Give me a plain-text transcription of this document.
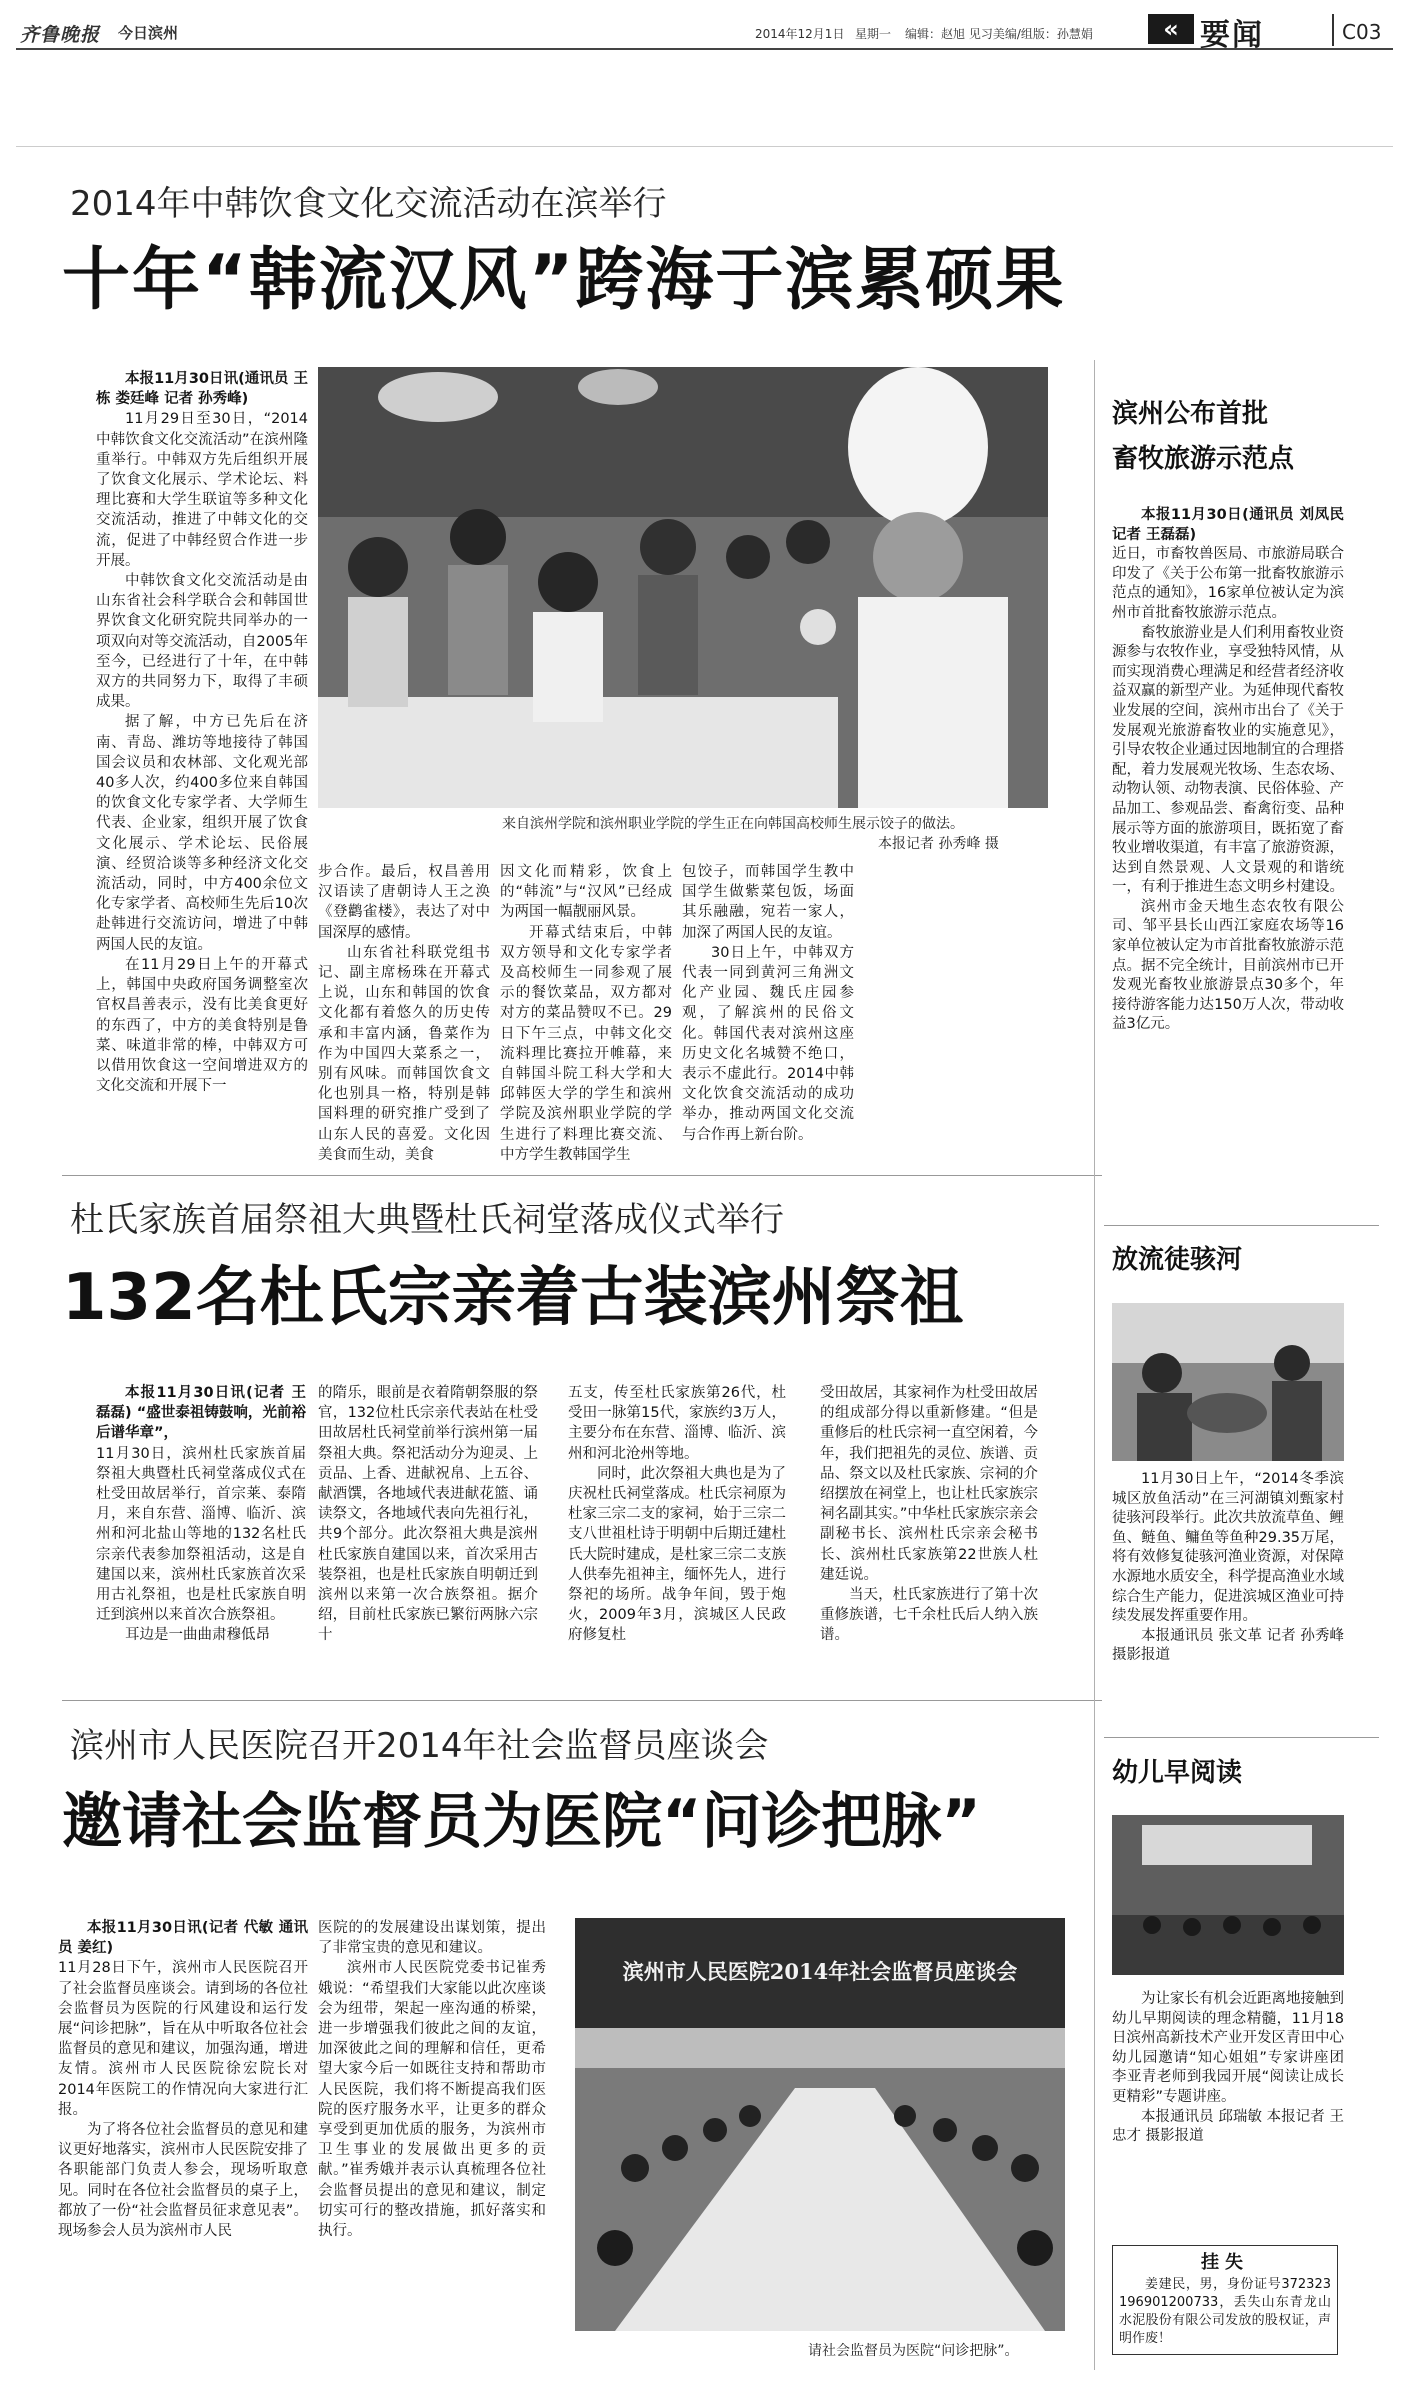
齐鲁晚报 今日滨州	2014年12月1日 星期一 编辑：赵旭 见习美编/组版：孙慧娟	« 要闻	C03
2014年中韩饮食文化交流活动在滨举行
十年“韩流汉风”跨海于滨累硕果
来自滨州学院和滨州职业学院的学生正在向韩国高校师生展示饺子的做法。
本报记者 孙秀峰 摄

本报11月30日讯(通讯员 王栋 娄廷峰 记者 孙秀峰)

11月29日至30日，“2014中韩饮食文化交流活动”在滨州隆重举行。中韩双方先后组织开展了饮食文化展示、学术论坛、料理比赛和大学生联谊等多种文化交流活动，推进了中韩文化的交流，促进了中韩经贸合作进一步开展。

中韩饮食文化交流活动是由山东省社会科学联合会和韩国世界饮食文化研究院共同举办的一项双向对等交流活动，自2005年至今，已经进行了十年，在中韩双方的共同努力下，取得了丰硕成果。

据了解，中方已先后在济南、青岛、潍坊等地接待了韩国国会议员和农林部、文化观光部40多人次，约400多位来自韩国的饮食文化专家学者、大学师生代表、企业家，组织开展了饮食文化展示、学术论坛、民俗展演、经贸洽谈等多种经济文化交流活动，同时，中方400余位文化专家学者、高校师生先后10次赴韩进行交流访问，增进了中韩两国人民的友谊。

在11月29日上午的开幕式上，韩国中央政府国务调整室次官权昌善表示，没有比美食更好的东西了，中方的美食特别是鲁菜、味道非常的棒，中韩双方可以借用饮食这一空间增进双方的文化交流和开展下一

步合作。最后，权昌善用汉语读了唐朝诗人王之涣《登鹳雀楼》，表达了对中国深厚的感情。

山东省社科联党组书记、副主席杨珠在开幕式上说，山东和韩国的饮食文化都有着悠久的历史传承和丰富内涵，鲁菜作为作为中国四大菜系之一，别有风味。而韩国饮食文化也别具一格，特别是韩国料理的研究推广受到了山东人民的喜爱。文化因美食而生动，美食

因文化而精彩，饮食上的“韩流”与“汉风”已经成为两国一幅靓丽风景。

开幕式结束后，中韩双方领导和文化专家学者及高校师生一同参观了展示的餐饮菜品，双方都对对方的菜品赞叹不已。29日下午三点，中韩文化交流料理比赛拉开帷幕，来自韩国斗院工科大学和大邱韩医大学的学生和滨州学院及滨州职业学院的学生进行了料理比赛交流、中方学生教韩国学生

包饺子，而韩国学生教中国学生做紫菜包饭，场面其乐融融，宛若一家人，加深了两国人民的友谊。

30日上午，中韩双方代表一同到黄河三角洲文化产业园、魏氏庄园参观，了解滨州的民俗文化。韩国代表对滨州这座历史文化名城赞不绝口，表示不虚此行。2014中韩文化饮食交流活动的成功举办，推动两国文化交流与合作再上新台阶。

杜氏家族首届祭祖大典暨杜氏祠堂落成仪式举行
132名杜氏宗亲着古装滨州祭祖

本报11月30日讯(记者 王磊磊) “盛世泰祖铸鼓响，光前裕后谱华章”，

11月30日，滨州杜氏家族首届祭祖大典暨杜氏祠堂落成仪式在杜受田故居举行，首宗莱、泰隋月，来自东营、淄博、临沂、滨州和河北盐山等地的132名杜氏宗亲代表参加祭祖活动，这是自建国以来，滨州杜氏家族首次采用古礼祭祖，也是杜氏家族自明迁到滨州以来首次合族祭祖。

耳边是一曲曲肃穆低昂

的隋乐，眼前是衣着隋朝祭服的祭官，132位杜氏宗亲代表站在杜受田故居杜氏祠堂前举行滨州第一届祭祖大典。祭祀活动分为迎灵、上贡品、上香、进献祝帛、上五谷、献酒馔，各地域代表进献花篮、诵读祭文，各地域代表向先祖行礼，共9个部分。此次祭祖大典是滨州杜氏家族自建国以来，首次采用古装祭祖，也是杜氏家族自明朝迁到滨州以来第一次合族祭祖。据介绍，目前杜氏家族已繁衍两脉六宗十

五支，传至杜氏家族第26代，杜受田一脉第15代，家族约3万人，主要分布在东营、淄博、临沂、滨州和河北沧州等地。

同时，此次祭祖大典也是为了庆祝杜氏祠堂落成。杜氏宗祠原为杜家三宗二支的家祠，始于三宗二支八世祖杜诗于明朝中后期迁建杜氏大院时建成，是杜家三宗二支族人供奉先祖神主，缅怀先人，进行祭祀的场所。战争年间，毁于炮火，2009年3月，滨城区人民政府修复杜

受田故居，其家祠作为杜受田故居的组成部分得以重新修建。“但是重修后的杜氏宗祠一直空闲着，今年，我们把祖先的灵位、族谱、贡品、祭文以及杜氏家族、宗祠的介绍摆放在祠堂上，也让杜氏家族宗祠名副其实。”中华杜氏家族宗亲会副秘书长、滨州杜氏宗亲会秘书长、滨州杜氏家族第22世族人杜建廷说。

当天，杜氏家族进行了第十次重修族谱，七千余杜氏后人纳入族谱。

滨州市人民医院召开2014年社会监督员座谈会
邀请社会监督员为医院“问诊把脉”

本报11月30日讯(记者 代敏 通讯员 姜红)

11月28日下午，滨州市人民医院召开了社会监督员座谈会。请到场的各位社会监督员为医院的行风建设和运行发展“问诊把脉”，旨在从中听取各位社会监督员的意见和建议，加强沟通，增进友情。滨州市人民医院徐宏院长对2014年医院工的作情况向大家进行汇报。

为了将各位社会监督员的意见和建议更好地落实，滨州市人民医院安排了各职能部门负责人参会，现场听取意见。同时在各位社会监督员的桌子上，都放了一份“社会监督员征求意见表”。现场参会人员为滨州市人民

医院的的发展建设出谋划策，提出了非常宝贵的意见和建议。

滨州市人民医院党委书记崔秀娥说：“希望我们大家能以此次座谈会为纽带，架起一座沟通的桥梁，进一步增强我们彼此之间的友谊，加深彼此之间的理解和信任，更希望大家今后一如既往支持和帮助市人民医院，我们将不断提高我们医院的医疗服务水平，让更多的群众享受到更加优质的服务，为滨州市卫生事业的发展做出更多的贡献。”崔秀娥并表示认真梳理各位社会监督员提出的意见和建议，制定切实可行的整改措施，抓好落实和执行。

滨州市人民医院2014年社会监督员座谈会
请社会监督员为医院“问诊把脉”。
滨州公布首批
畜牧旅游示范点

本报11月30日(通讯员 刘凤民 记者 王磊磊)

近日，市畜牧兽医局、市旅游局联合印发了《关于公布第一批畜牧旅游示范点的通知》，16家单位被认定为滨州市首批畜牧旅游示范点。

畜牧旅游业是人们利用畜牧业资源参与农牧作业，享受独特风情，从而实现消费心理满足和经营者经济收益双赢的新型产业。为延伸现代畜牧业发展的空间，滨州市出台了《关于发展观光旅游畜牧业的实施意见》，引导农牧企业通过因地制宜的合理搭配，着力发展观光牧场、生态农场、动物认领、动物表演、民俗体验、产品加工、参观品尝、畜禽衍变、品种展示等方面的旅游项目，既拓宽了畜牧业增收渠道，有丰富了旅游资源，达到自然景观、人文景观的和谐统一，有利于推进生态文明乡村建设。

滨州市金天地生态农牧有限公司、邹平县长山西江家庭农场等16家单位被认定为市首批畜牧旅游示范点。据不完全统计，目前滨州市已开发观光畜牧业旅游景点30多个，年接待游客能力达150万人次，带动收益3亿元。

放流徒骇河

11月30日上午，“2014冬季滨城区放鱼活动”在三河湖镇刘甄家村徒骇河段举行。此次共放流草鱼、鲤鱼、鲢鱼、鳙鱼等鱼种29.35万尾，将有效修复徒骇河渔业资源，对保障水源地水质安全，科学提高渔业水域综合生产能力，促进滨城区渔业可持续发展发挥重要作用。

本报通讯员 张文革 记者 孙秀峰 摄影报道

幼儿早阅读

为让家长有机会近距离地接触到幼儿早期阅读的理念精髓，11月18日滨州高新技术产业开发区青田中心幼儿园邀请“知心姐姐”专家讲座团李亚青老师到我园开展“阅读让成长更精彩”专题讲座。

本报通讯员 邱瑞敏 本报记者 王忠才 摄影报道

挂失
姜建民，男，身份证号372323196901200733，丢失山东青龙山水泥股份有限公司发放的股权证，声明作废！
